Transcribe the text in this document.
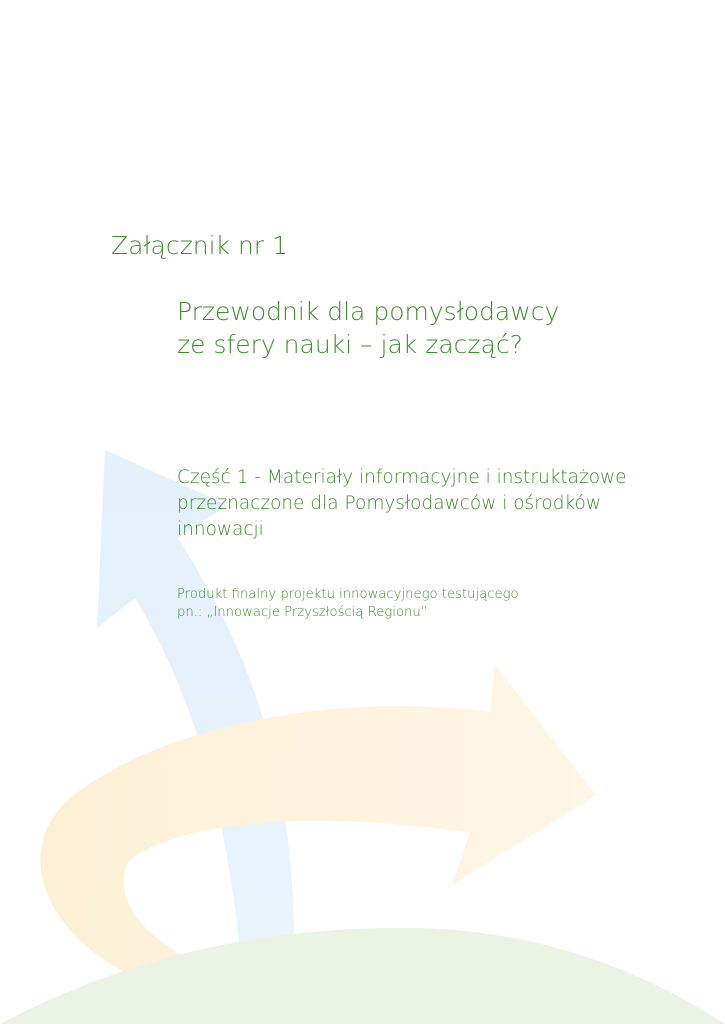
Załącznik nr 1

Przewodnik dla pomysłodawcy
ze sfery nauki – jak zacząć?
Część 1 - Materiały informacyjne i instruktażowe
przeznaczone dla Pomysłodawców i ośrodków
innowacji

Produkt finalny projektu innowacyjnego testującego
pn.: „Innowacje Przyszłością Regionu”
